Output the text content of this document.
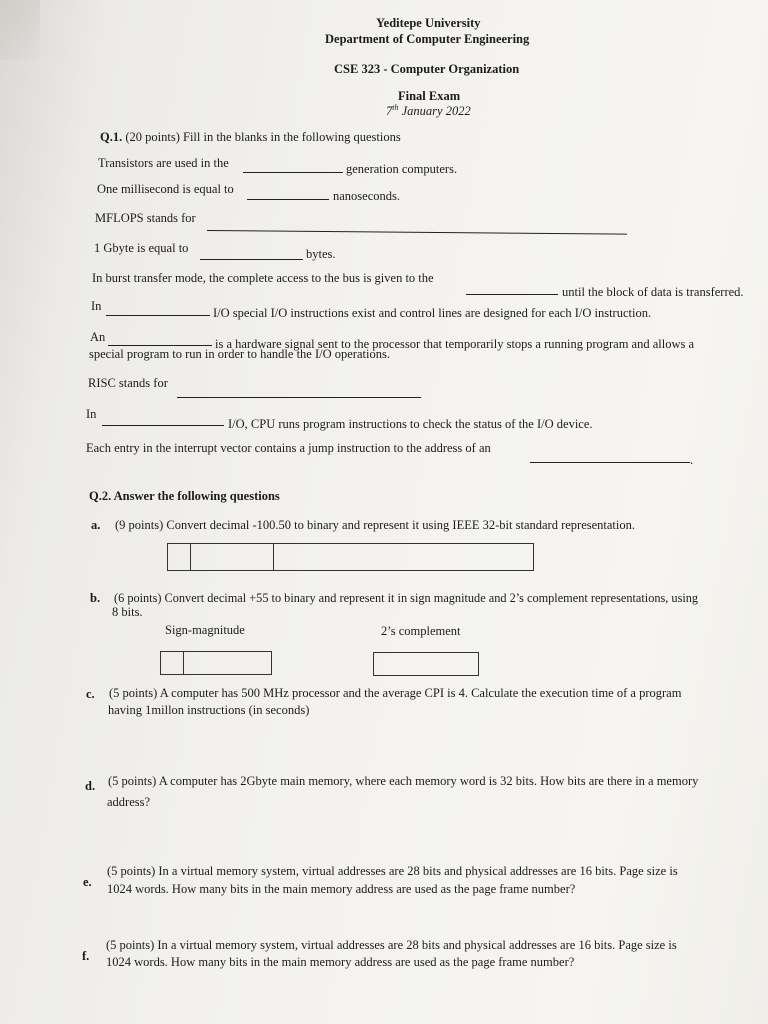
Yeditepe University
Department of Computer Engineering
CSE 323 - Computer Organization
Final Exam
7th January 2022
Q.1. (20 points) Fill in the blanks in the following questions
Transistors are used in the	generation computers.
One millisecond is equal to	nanoseconds.
MFLOPS stands for
1 Gbyte is equal to	bytes.
In burst transfer mode, the complete access to the bus is given to the
until the block of data is transferred.
In	I/O special I/O instructions exist and control lines are designed for each I/O instruction.
An	is a hardware signal sent to the processor that temporarily stops a running program and allows a
special program to run in order to handle the I/O operations.
RISC stands for
In
I/O, CPU runs program instructions to check the status of the I/O device.
Each entry in the interrupt vector contains a jump instruction to the address of an
.
Q.2. Answer the following questions
a. (9 points) Convert decimal -100.50 to binary and represent it using IEEE 32-bit standard representation.
b. (6 points) Convert decimal +55 to binary and represent it in sign magnitude and 2’s complement representations, using
8 bits.
Sign-magnitude	2’s complement
c. (5 points) A computer has 500 MHz processor and the average CPI is 4. Calculate the execution time of a program
having 1millon instructions (in seconds)
d. (5 points) A computer has 2Gbyte main memory, where each memory word is 32 bits. How bits are there in a memory
address?
e.
(5 points) In a virtual memory system, virtual addresses are 28 bits and physical addresses are 16 bits. Page size is
1024 words. How many bits in the main memory address are used as the page frame number?
f.
(5 points) In a virtual memory system, virtual addresses are 28 bits and physical addresses are 16 bits. Page size is
1024 words. How many bits in the main memory address are used as the page frame number?
